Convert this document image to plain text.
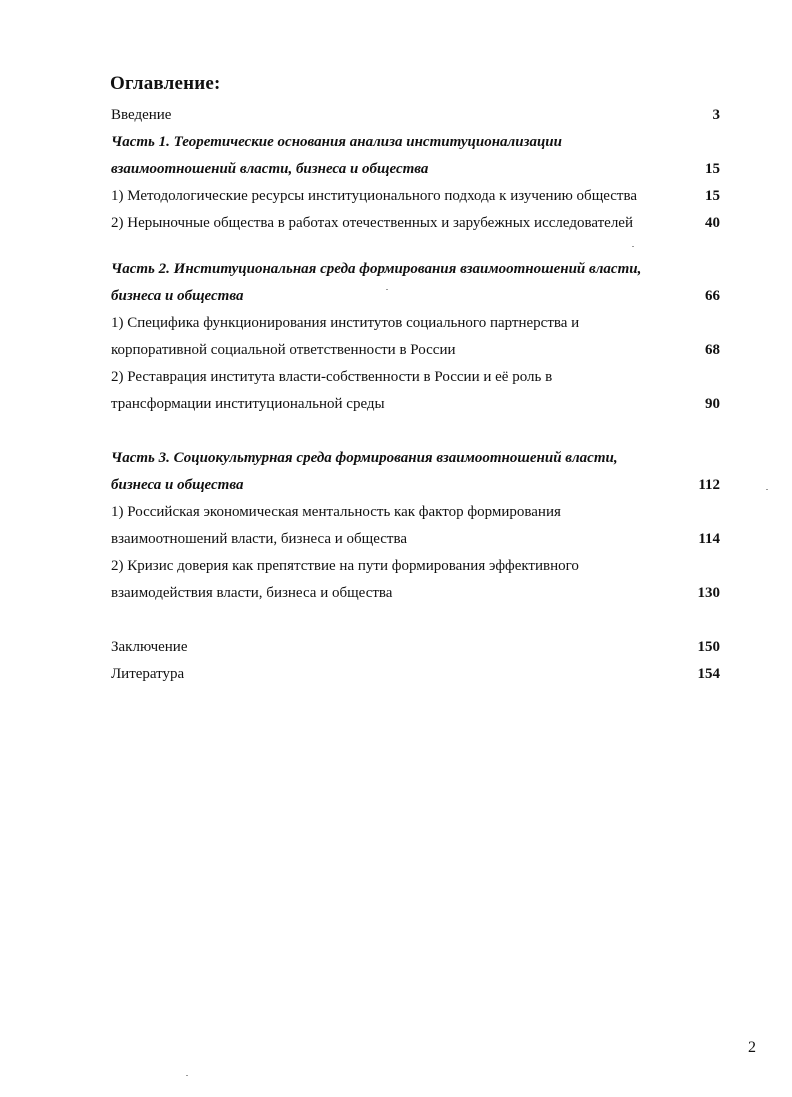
Оглавление:
Введение	3
Часть 1. Теоретические основания анализа институционализации
взаимоотношений власти, бизнеса и общества	15
1) Методологические ресурсы институционального подхода к изучению общества	15
2) Нерыночные общества в работах отечественных и зарубежных исследователей	40
Часть 2. Институциональная среда формирования взаимоотношений власти,
бизнеса и общества	66
1) Специфика функционирования институтов социального партнерства и
корпоративной социальной ответственности в России	68
2) Реставрация института власти-собственности в России и её роль в
трансформации институциональной среды	90
Часть 3. Социокультурная среда формирования взаимоотношений власти,
бизнеса и общества	112
1) Российская экономическая ментальность как фактор формирования
взаимоотношений власти, бизнеса и общества	114
2) Кризис доверия как препятствие на пути формирования эффективного
взаимодействия власти, бизнеса и общества	130
Заключение	150
Литература	154
2
